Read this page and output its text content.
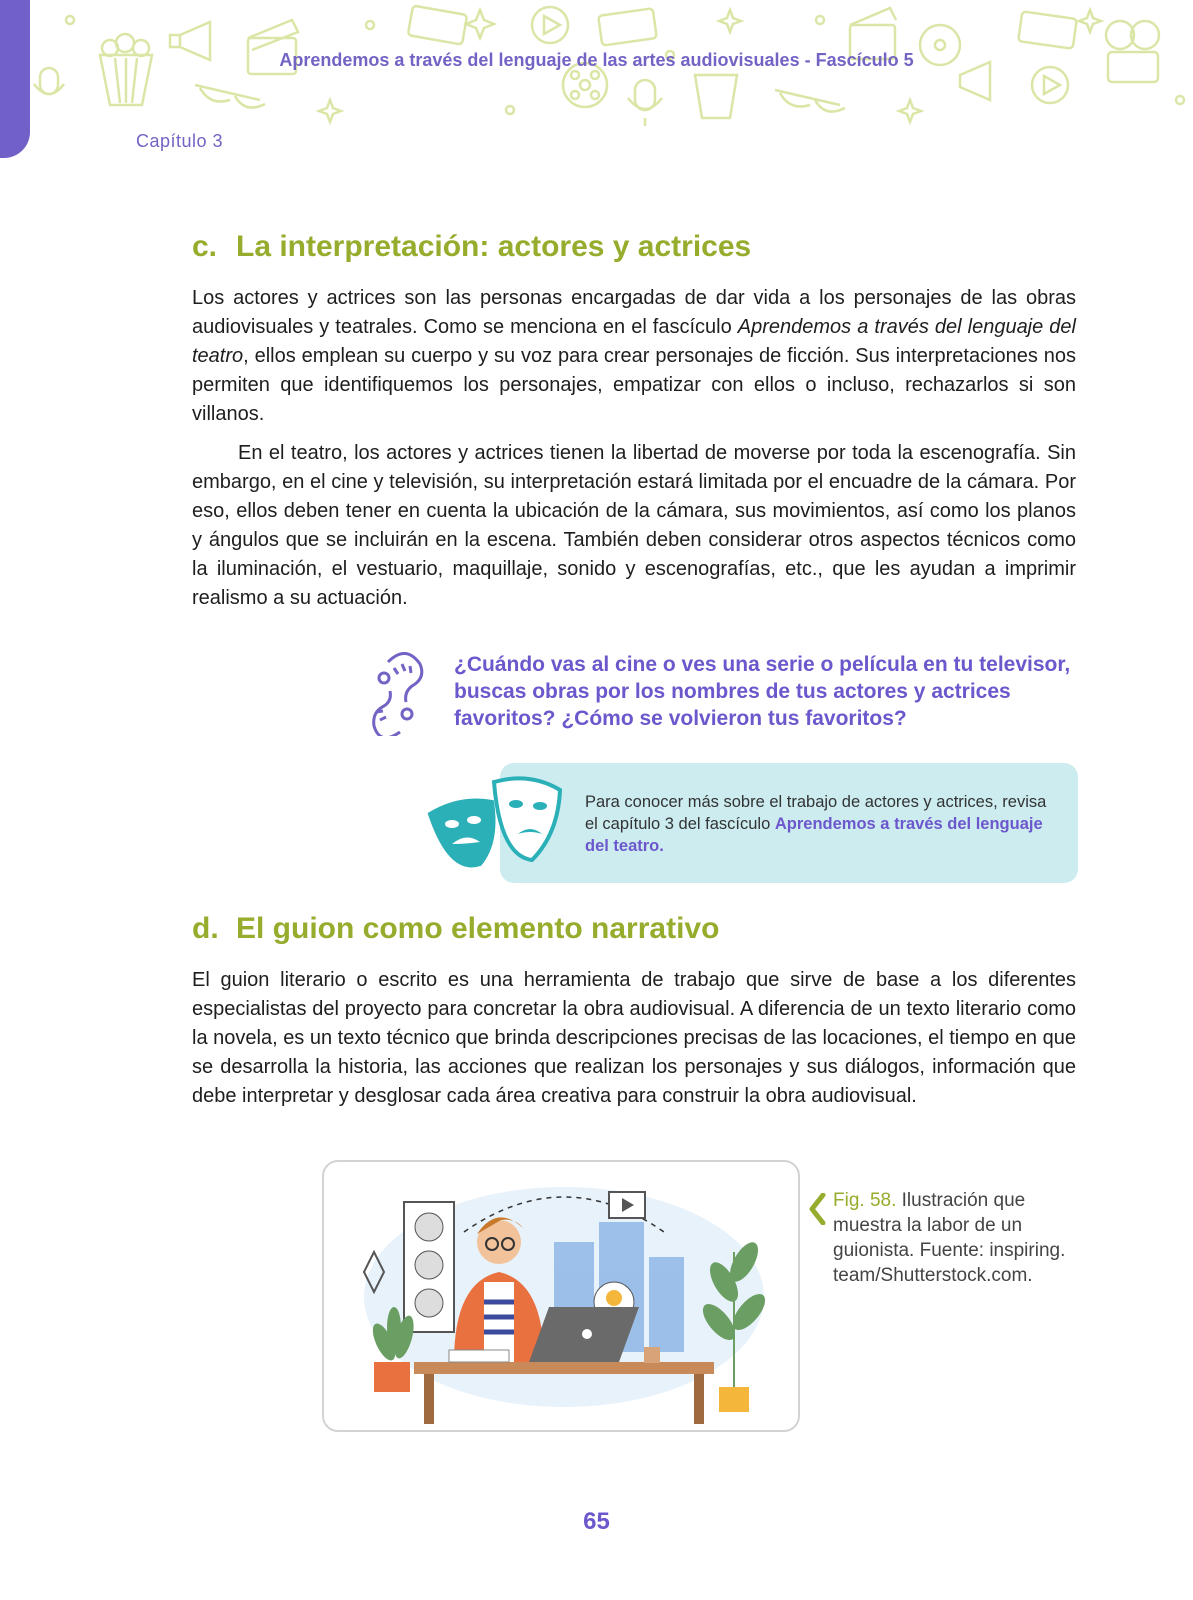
Aprendemos a través del lenguaje de las artes audiovisuales - Fascículo 5
Capítulo 3
c. La interpretación: actores y actrices

Los actores y actrices son las personas encargadas de dar vida a los personajes de las obras audiovisuales y teatrales. Como se menciona en el fascículo Aprendemos a través del lenguaje del teatro, ellos emplean su cuerpo y su voz para crear personajes de ficción. Sus interpretaciones nos permiten que identifiquemos los personajes, empatizar con ellos o incluso, rechazarlos si son villanos.

En el teatro, los actores y actrices tienen la libertad de moverse por toda la escenografía. Sin embargo, en el cine y televisión, su interpretación estará limitada por el encuadre de la cámara. Por eso, ellos deben tener en cuenta la ubicación de la cámara, sus movimientos, así como los planos y ángulos que se incluirán en la escena. También deben considerar otros aspectos técnicos como la iluminación, el vestuario, maquillaje, sonido y escenografías, etc., que les ayudan a imprimir realismo a su actuación.

¿Cuándo vas al cine o ves una serie o película en tu televisor, buscas obras por los nombres de tus actores y actrices favoritos? ¿Cómo se volvieron tus favoritos?

Para conocer más sobre el trabajo de actores y actrices, revisa el capítulo 3 del fascículo Aprendemos a través del lenguaje del teatro.

d. El guion como elemento narrativo

El guion literario o escrito es una herramienta de trabajo que sirve de base a los diferentes especialistas del proyecto para concretar la obra audiovisual. A diferencia de un texto literario como la novela, es un texto técnico que brinda descripciones precisas de las locaciones, el tiempo en que se desarrolla la historia, las acciones que realizan los personajes y sus diálogos, información que debe interpretar y desglosar cada área creativa para construir la obra audiovisual.

Fig. 58. Ilustración que muestra la labor de un guionista. Fuente: inspiring. team/Shutterstock.com.

65
